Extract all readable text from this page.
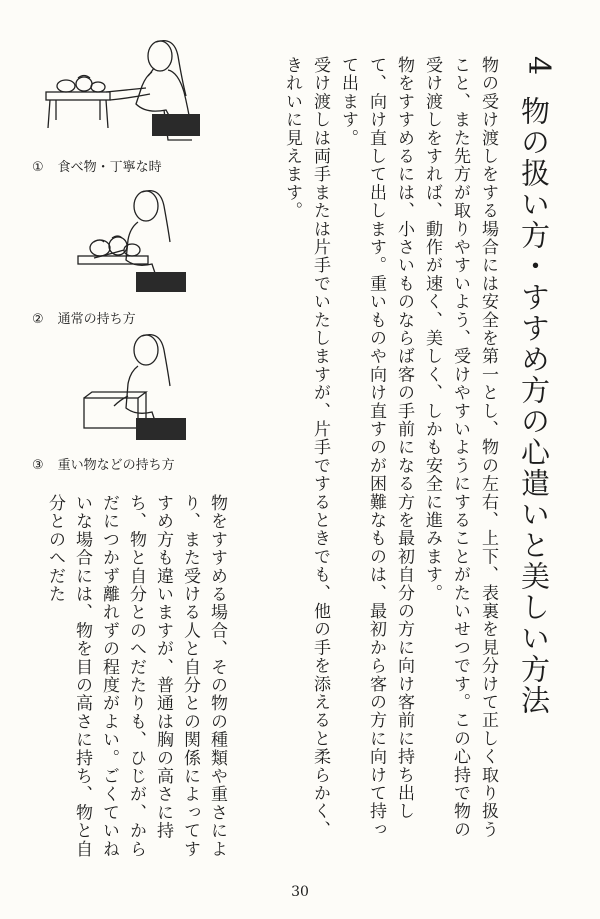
4
物の扱い方・すすめ方の心遣いと美しい方法

物の受け渡しをする場合には安全を第一とし、物の左右、上下、表裏を見分けて正しく取り扱うこと、また先方が取りやすいよう、受けやすいようにすることがたいせつです。この心持で物の受け渡しをすれば、動作が速く、美しく、しかも安全に進みます。

物をすすめるには、小さいものならば客の手前になる方を最初自分の方に向け客前に持ち出して、向け直して出します。重いものや向け直すのが困難なものは、最初から客の方に向けて持って出ます。

受け渡しは両手または片手でいたしますが、片手でするときでも、他の手を添えると柔らかく、きれいに見えます。

物をすすめる場合、その物の種類や重さにより、また受ける人と自分との関係によってすすめ方も違いますが、普通は胸の高さに持ち、物と自分とのへだたりも、ひじが、からだにつかず離れずの程度がよい。ごくていねいな場合には、物を目の高さに持ち、物と自分とのへだた

① 食べ物・丁寧な時
② 通常の持ち方
③ 重い物などの持ち方
30
